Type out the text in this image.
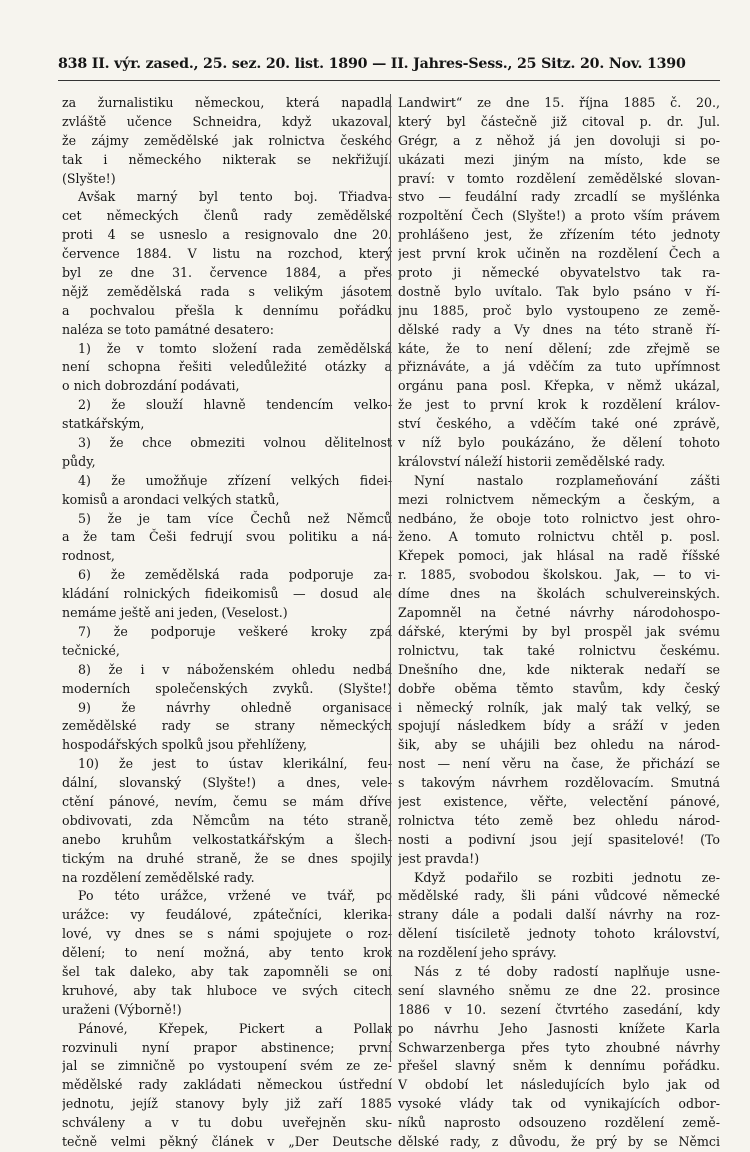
838 II. výr. zased., 25. sez. 20. list. 1890 — II. Jahres-Sess., 25 Sitz. 20. Nov. 1390
za žurnalistiku německou, která napadla
zvláště učence Schneidra, když ukazoval,
že zájmy zemědělské jak rolnictva českého
tak i německého nikterak se nekřižují.
(Slyšte!)
Avšak marný byl tento boj. Třiadva-
cet německých členů rady zemědělské
proti 4 se usneslo a resignovalo dne 20.
července 1884. V listu na rozchod, který
byl ze dne 31. července 1884, a přes
nějž zemědělská rada s velikým jásotem
a pochvalou přešla k dennímu pořádku
naléza se toto památné desatero:
1) že v tomto složení rada zemědělská
není schopna řešiti veledůležité otázky a
o nich dobrozdání podávati,
2) že slouží hlavně tendencím velko-
statkářským,
3) že chce obmeziti volnou dělitelnost
půdy,
4) že umožňuje zřízení velkých fidei-
komisů a arondaci velkých statků,
5) že je tam více Čechů než Němců
a že tam Češi fedrují svou politiku a ná-
rodnost,
6) že zemědělská rada podporuje za-
kládání rolnických fideikomisů — dosud ale
nemáme ještě ani jeden, (Veselost.)
7) že podporuje veškeré kroky zpá
tečnické,
8) že i v náboženském ohledu nedbá
moderních společenských zvyků. (Slyšte!)
9) že návrhy ohledně organisace
zemědělské rady se strany německých
hospodářských spolků jsou přehlíženy,
10) že jest to ústav klerikální, feu-
dální, slovanský (Slyšte!) a dnes, vele-
ctění pánové, nevím, čemu se mám dříve
obdivovati, zda Němcům na této straně,
anebo kruhům velkostatkářským a šlech-
tickým na druhé straně, že se dnes spojily
na rozdělení zemědělské rady.
Po této urážce, vržené ve tvář, po
urážce: vy feudálové, zpátečníci, klerika-
lové, vy dnes se s námi spojujete o roz-
dělení; to není možná, aby tento krok
šel tak daleko, aby tak zapomněli se oni
kruhové, aby tak hluboce ve svých citech
uraženi (Výborně!)
Pánové, Křepek, Pickert a Pollak
rozvinuli nyní prapor abstinence; první
jal se zimničně po vystoupení svém ze ze-
mědělské rady zakládati německou ústřední
jednotu, jejíž stanovy byly již zaří 1885
schváleny a v tu dobu uveřejněn sku-
tečně velmi pěkný článek v „Der Deutsche
Landwirt“ ze dne 15. října 1885 č. 20.,
který byl částečně již citoval p. dr. Jul.
Grégr, a z něhož já jen dovoluji si po-
ukázati mezi jiným na místo, kde se
praví: v tomto rozdělení zemědělské slovan-
stvo — feudální rady zrcadlí se myšlénka
rozpoltění Čech (Slyšte!) a proto vším právem
prohlášeno jest, že zřízením této jednoty
jest první krok učiněn na rozdělení Čech a
proto ji německé obyvatelstvo tak ra-
dostně bylo uvítalo. Tak bylo psáno v ří-
jnu 1885, proč bylo vystoupeno ze země-
dělské rady a Vy dnes na této straně ří-
káte, že to není dělení; zde zřejmě se
přiznáváte, a já vděčím za tuto upřímnost
orgánu pana posl. Křepka, v němž ukázal,
že jest to první krok k rozdělení králov-
ství českého, a vděčím také oné zprávě,
v níž bylo poukázáno, že dělení tohoto
království náleží historii zemědělské rady.
Nyní nastalo rozplameňování zášti
mezi rolnictvem německým a českým, a
nedbáno, že oboje toto rolnictvo jest ohro-
ženo. A tomuto rolnictvu chtěl p. posl.
Křepek pomoci, jak hlásal na radě říšské
r. 1885, svobodou školskou. Jak, — to vi-
díme dnes na školách schulvereinských.
Zapomněl na četné návrhy národohospo-
dářské, kterými by byl prospěl jak svému
rolnictvu, tak také rolnictvu českému.
Dnešního dne, kde nikterak nedaří se
dobře oběma těmto stavům, kdy český
i německý rolník, jak malý tak velký, se
spojují následkem bídy a sráží v jeden
šik, aby se uhájili bez ohledu na národ-
nost — není věru na čase, že přichází se
s takovým návrhem rozdělovacím. Smutná
jest existence, věřte, velectění pánové,
rolnictva této země bez ohledu národ-
nosti a podivní jsou její spasitelové! (To
jest pravda!)
Když podařilo se rozbiti jednotu ze-
mědělské rady, šli páni vůdcové německé
strany dále a podali další návrhy na roz-
dělení tisíciletě jednoty tohoto království,
na rozdělení jeho správy.
Nás z té doby radostí naplňuje usne-
sení slavného sněmu ze dne 22. prosince
1886 v 10. sezení čtvrtého zasedání, kdy
po návrhu Jeho Jasnosti knížete Karla
Schwarzenberga přes tyto zhoubné návrhy
přešel slavný sněm k dennímu pořádku.
V období let následujících bylo jak od
vysoké vlády tak od vynikajících odbor-
níků naprosto odsouzeno rozdělení země-
dělské rady, z důvodu, že prý by se Němci
